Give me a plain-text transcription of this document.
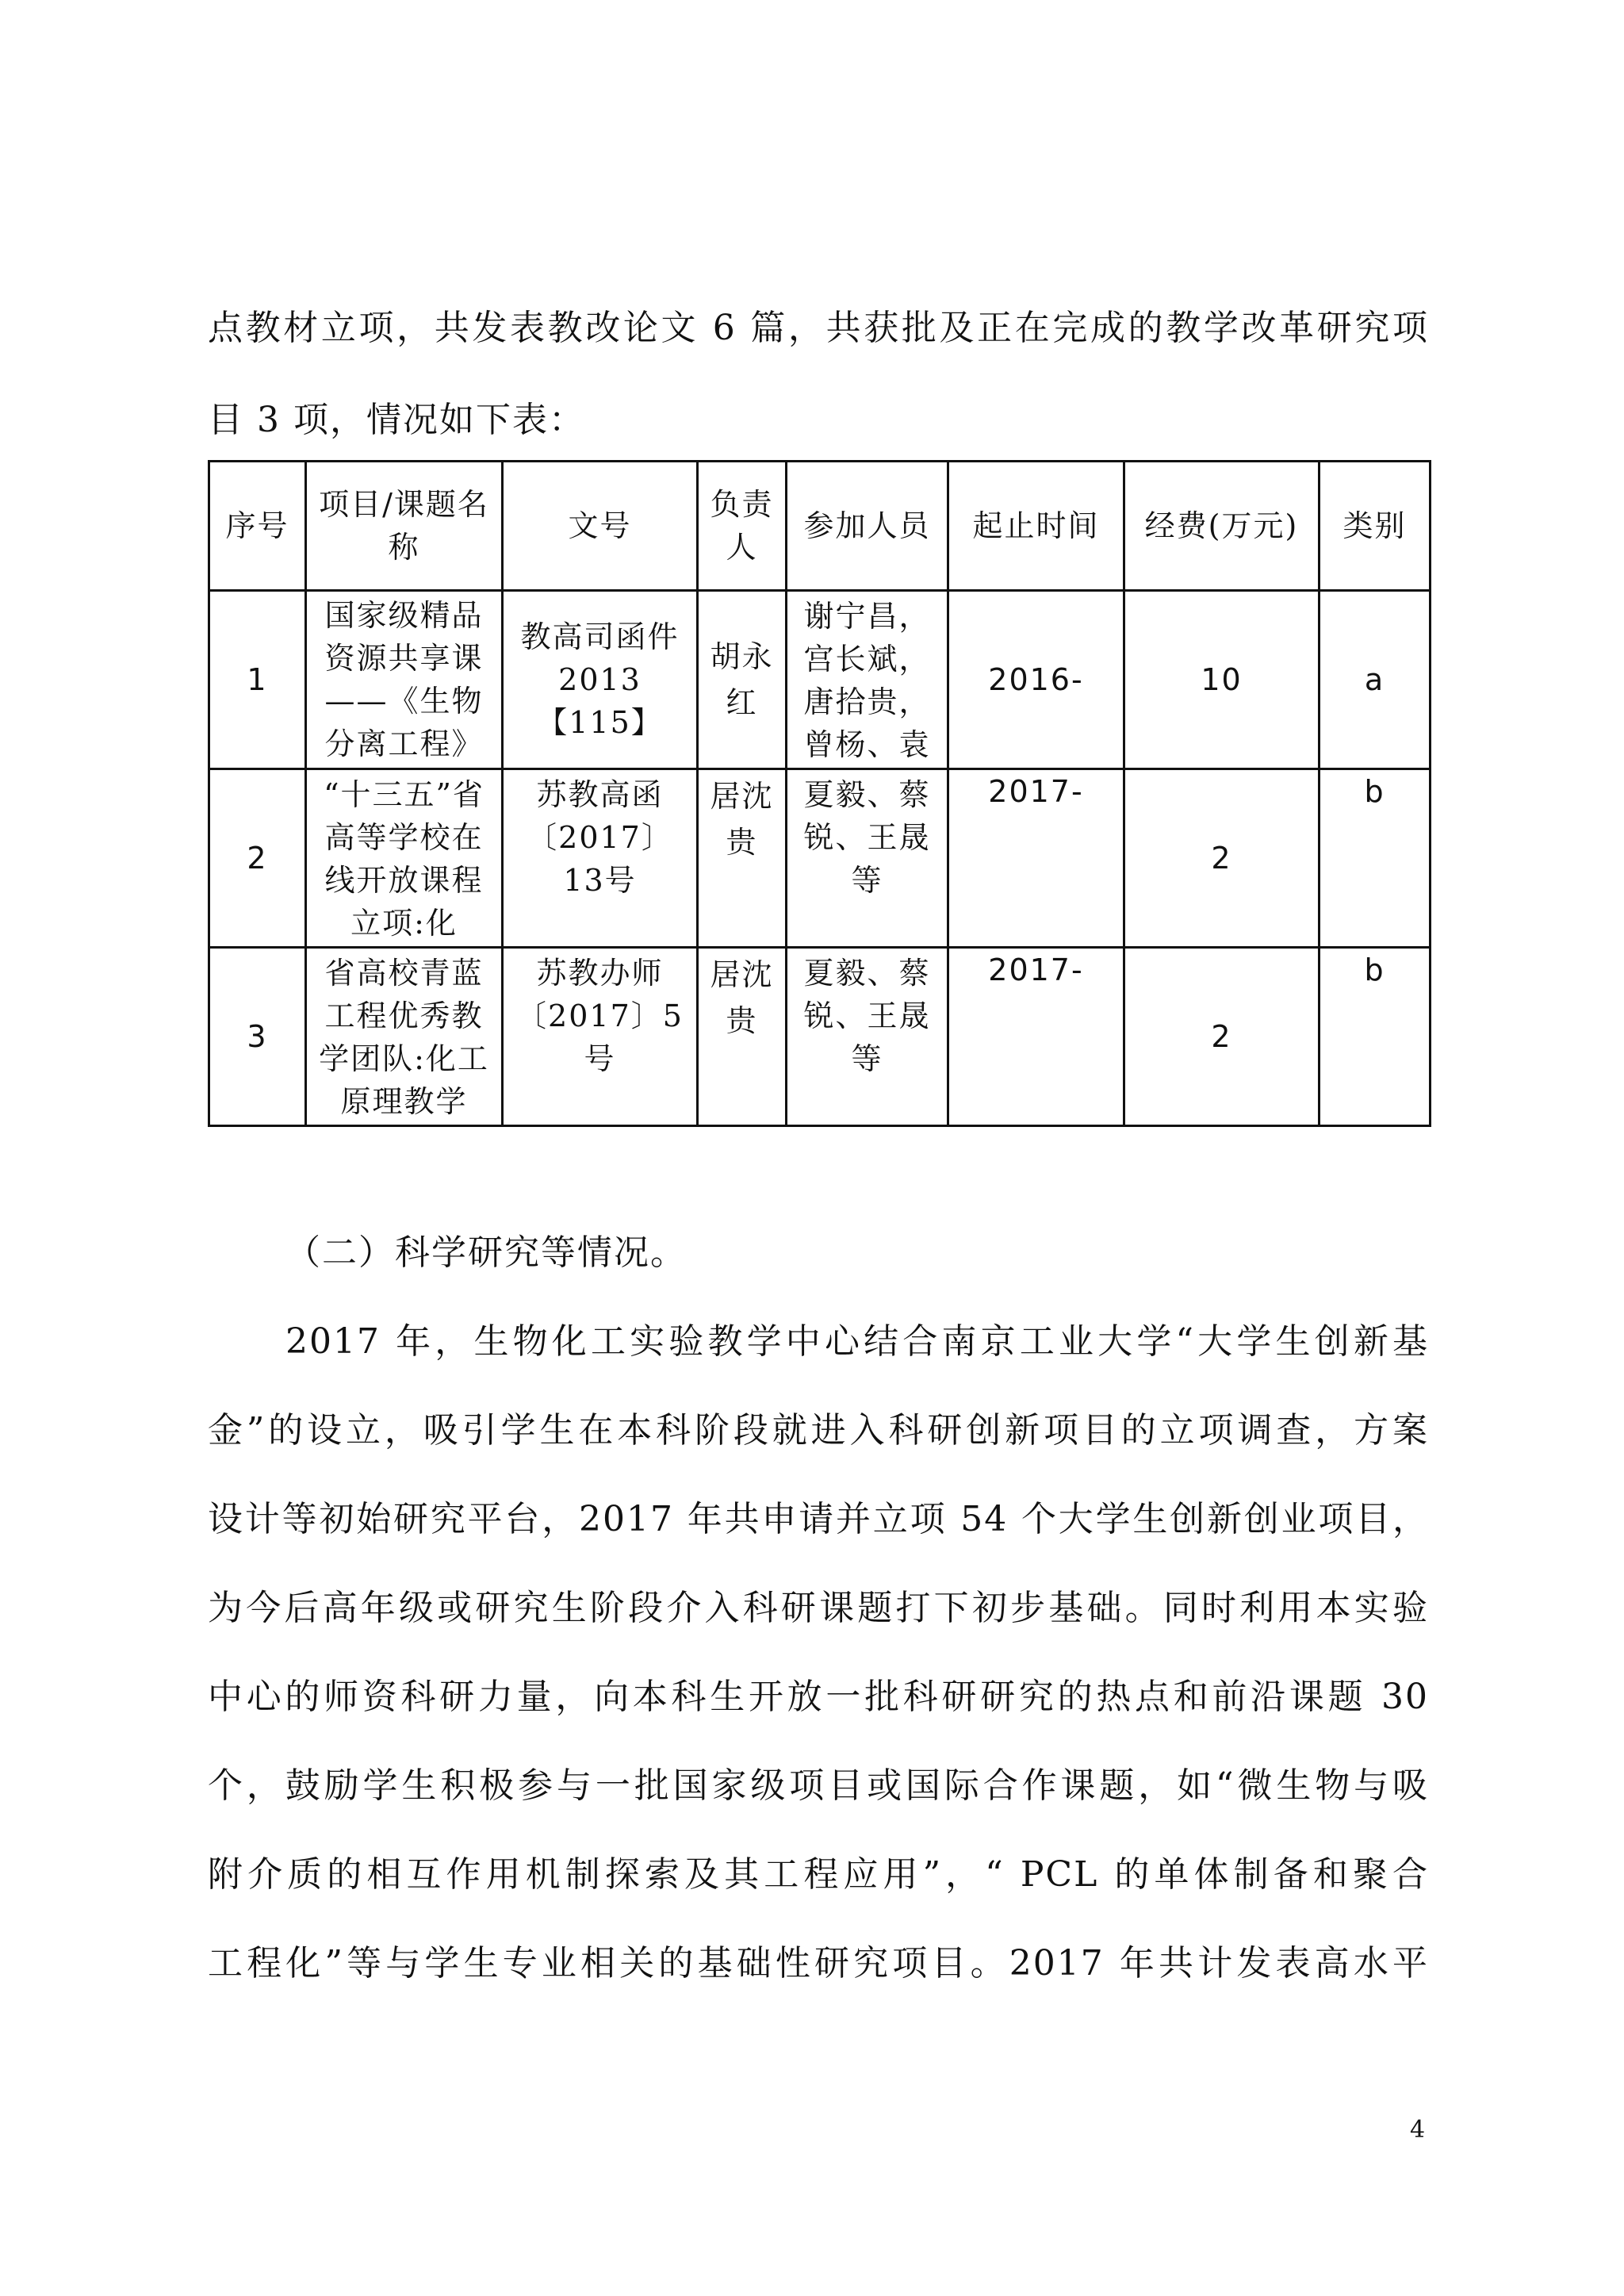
点教材立项，共发表教改论文 6 篇，共获批及正在完成的教学改革研究项
目 3 项，情况如下表：
序号	项目/课题名称	文号	负责人	参加人员	起止时间	经费(万元)	类别
1	国家级精品资源共享课——《生物分离工程》	教高司函件2013【115】	胡永红	谢宁昌，宫长斌，唐拾贵，曾杨、袁	2016-	10	a
2	“十三五”省高等学校在线开放课程立项:化	苏教高函〔2017〕13号	居沈贵	夏毅、蔡锐、王晟等	2017-	2	b
3	省高校青蓝工程优秀教学团队:化工原理教学	苏教办师〔2017〕5号	居沈贵	夏毅、蔡锐、王晟等	2017-	2	b
（二）科学研究等情况。
2017 年，生物化工实验教学中心结合南京工业大学“大学生创新基
金”的设立，吸引学生在本科阶段就进入科研创新项目的立项调查，方案
设计等初始研究平台，2017 年共申请并立项 54 个大学生创新创业项目，
为今后高年级或研究生阶段介入科研课题打下初步基础。同时利用本实验
中心的师资科研力量，向本科生开放一批科研研究的热点和前沿课题 30
个，鼓励学生积极参与一批国家级项目或国际合作课题，如“微生物与吸
附介质的相互作用机制探索及其工程应用”，“ PCL 的单体制备和聚合
工程化”等与学生专业相关的基础性研究项目。2017 年共计发表高水平
4
